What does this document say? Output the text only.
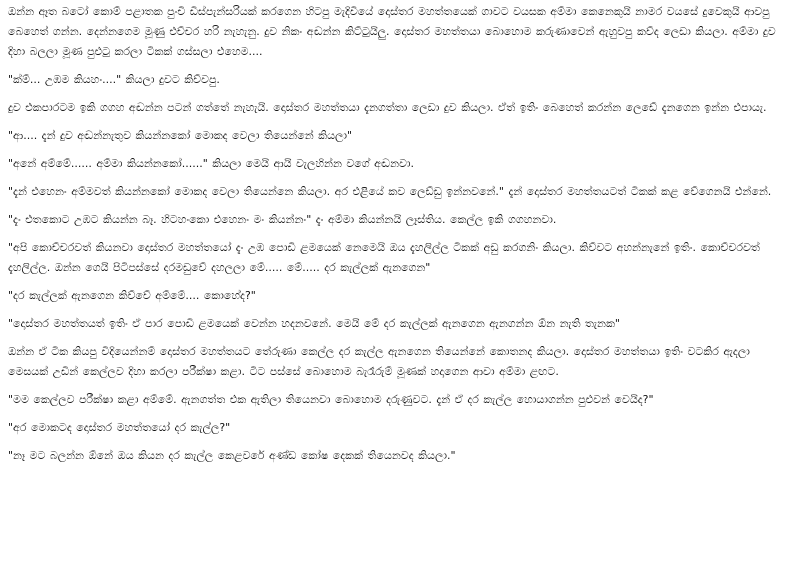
ඔන්න ඈත බටෝ කොම් පළාතක පුංචි ඩිස්පැන්සරියක් කරගෙන හිටපු මැදිවියේ දොස්තර මහත්තයෙක් ගාවට වයසක අම්මා කෙනෙකුයි නාමර වයසේ දුවෙකුයි ආවපු බෙහෙත් ගන්න. දෙන්නගෙම මූණු එච්චර හරි නැහැනු. දුව නිකං අඬන්න කිට්ටුයිලු. දොස්තර මහත්තයා බොහොම කරුණාවෙන් ඇහුවපු කව්ද ලෙඩා කියලා. අම්මා දුව දිහා බලලා මූණ පුළුටු කරලා ටිකක් ගස්සලා එහෙම....

"ක්ම්... උඹම කියහං...." කියලා දුවට කිව්වපු.

දුව එකපාරටම ඉකි ගගහ අඬන්න පටන් ගත්තේ නැහැයි. දොස්තර මහත්තයා දැනගත්තා ලෙඩා දුව කියලා. ඒත් ඉතිං බෙහෙත් කරන්න ලෙඩේ දැනගෙන ඉන්න එපායැ.

"ආ.... දැන් දුව අඬන්නැතුව කියන්නකෝ මොකද වෙලා තියෙන්නේ කියලා"

"අනේ අම්මේ...... අම්මා කියන්නකෝ......" කියලා මෙයි ආයි වැලහින්න වගේ අඬනවා.

"දැන් එහෙනං අම්මවත් කියන්නකෝ මොකද වෙලා තියෙන්නෙ කියලා. අර එළියේ කව ලෙඩ්ඩු ඉන්නවනේ." දැන් දොස්තර මහත්තයටත් ටිකක් කළ වේගෙනයි එන්නේ.

"දැං එතකොට උඹට කියන්න බෑ. හිටහංකො එහෙනං මං කියන්නං" දැං අම්මා කියන්නයි ලෑස්තිය. කෙල්ල ඉකි ගගහනවා.

"අපි කොච්චරවත් කියනවා දොස්තර මහත්තයෝ දැං උඹ පොඩි ළමයෙක් නෙමෙයි ඔය දැහලිල්ල ටිකක් අඩු කරගනිං කියලා. කිව්වට අහන්නැනේ ඉතිං. කොච්චරවත් දැහලිල්ල. ඔන්න ගෙයි පිටිපස්සේ දරමඩුවේ දහලලා මේ..... මේ..... දර කැල්ලක් ඇනගෙන"

"දර කැල්ලක් ඇනගෙන කිව්වේ අම්මේ.... කොහේද?"

"දොස්තර මහත්තයත් ඉතිං ඒ පාර පොඩි ළමයෙක් වෙන්න හදනවනේ. මෙයි මේ දර කැල්ලක් ඇනගෙන ඇනගන්න ඕන නැති තැනක"

ඔන්න ඒ ටික කියපු විදියෙන්නම් දොස්තර මහත්තයට තේරුණා කෙල්ල දර කැල්ල ඇනගෙන තියෙන්නේ කොතනද කියලා. දොස්තර මහත්තයා ඉතිං වටකිර ඇදලා මෙසයක් උඩින් කෙල්ලව දිහා කරලා පරීක්ෂා කළා. ටිට පස්සේ බොහොම බැරෑරුම් මූණක් හදාගෙන ආවා අම්මා ළඟට.

"මම කෙල්ලව පරීක්ෂා කළා අම්මේ. ඇනගත්ත එක ඇතිලා තියෙනවා බොහොම දරුණුවට. දැන් ඒ දර කැල්ල හොයාගන්න පුළුවන් වෙයිද?"

"අර මොකටද දොස්තර මහත්තයෝ දර කැල්ල?"

"නෑ මට බලන්න ඕනේ ඔය කියන දර කැල්ල කෙළවරේ අණ්ඩ කෝෂ දෙකක් තියෙනවද කියලා."
